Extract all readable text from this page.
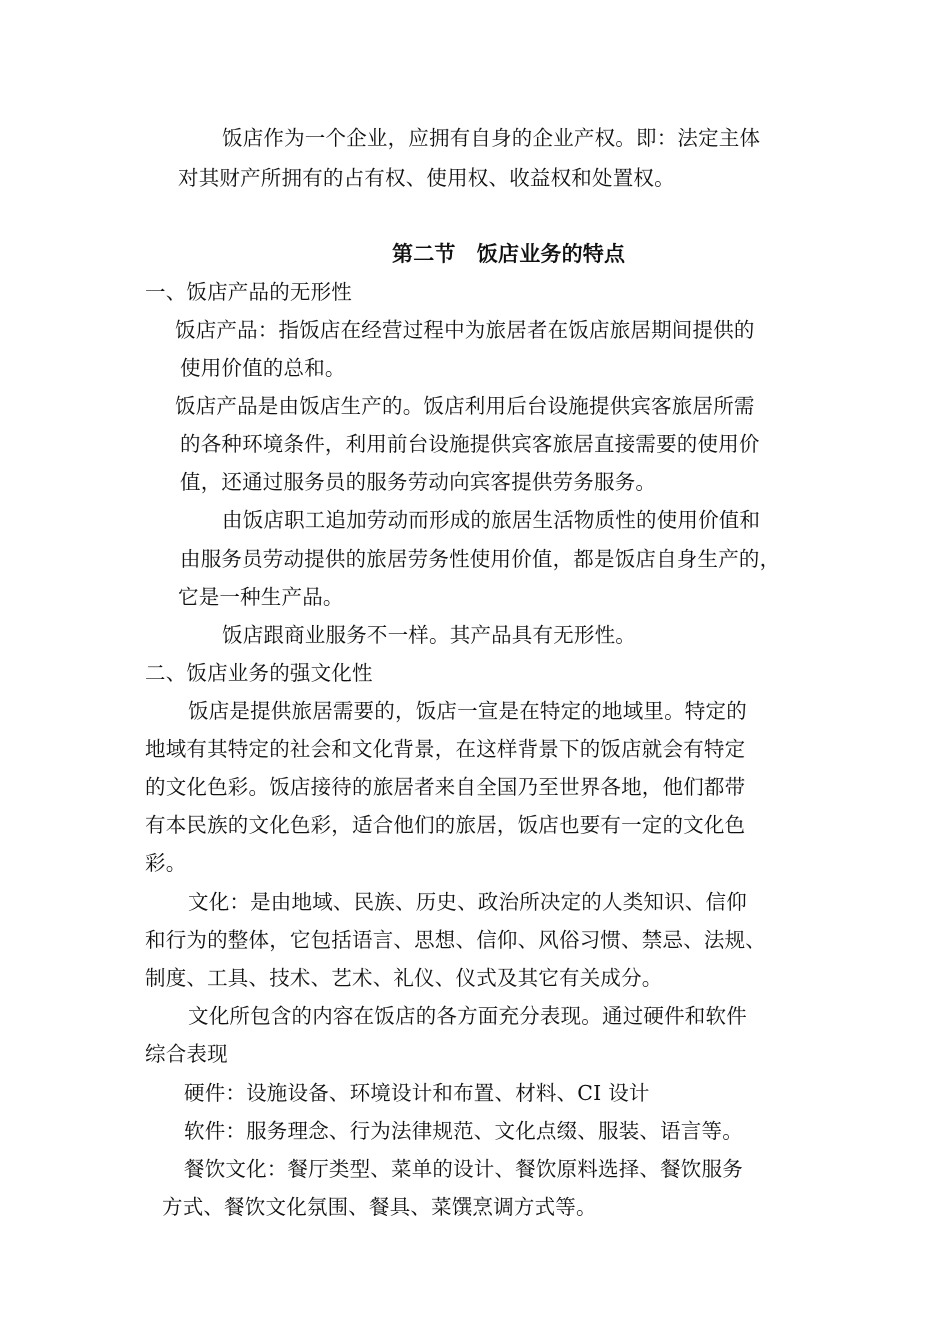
饭店作为一个企业，应拥有自身的企业产权。即：法定主体
对其财产所拥有的占有权、使用权、收益权和处置权。
第二节　饭店业务的特点
一、饭店产品的无形性
饭店产品：指饭店在经营过程中为旅居者在饭店旅居期间提供的
使用价值的总和。
饭店产品是由饭店生产的。饭店利用后台设施提供宾客旅居所需
的各种环境条件，利用前台设施提供宾客旅居直接需要的使用价
值，还通过服务员的服务劳动向宾客提供劳务服务。
由饭店职工追加劳动而形成的旅居生活物质性的使用价值和
由服务员劳动提供的旅居劳务性使用价值，都是饭店自身生产的，
它是一种生产品。
饭店跟商业服务不一样。其产品具有无形性。
二、饭店业务的强文化性
饭店是提供旅居需要的，饭店一宣是在特定的地域里。特定的
地域有其特定的社会和文化背景，在这样背景下的饭店就会有特定
的文化色彩。饭店接待的旅居者来自全国乃至世界各地，他们都带
有本民族的文化色彩，适合他们的旅居，饭店也要有一定的文化色
彩。
文化：是由地域、民族、历史、政治所决定的人类知识、信仰
和行为的整体，它包括语言、思想、信仰、风俗习惯、禁忌、法规、
制度、工具、技术、艺术、礼仪、仪式及其它有关成分。
文化所包含的内容在饭店的各方面充分表现。通过硬件和软件
综合表现
硬件：设施设备、环境设计和布置、材料、CI 设计
软件：服务理念、行为法律规范、文化点缀、服装、语言等。
餐饮文化：餐厅类型、菜单的设计、餐饮原料选择、餐饮服务
方式、餐饮文化氛围、餐具、菜馔烹调方式等。
